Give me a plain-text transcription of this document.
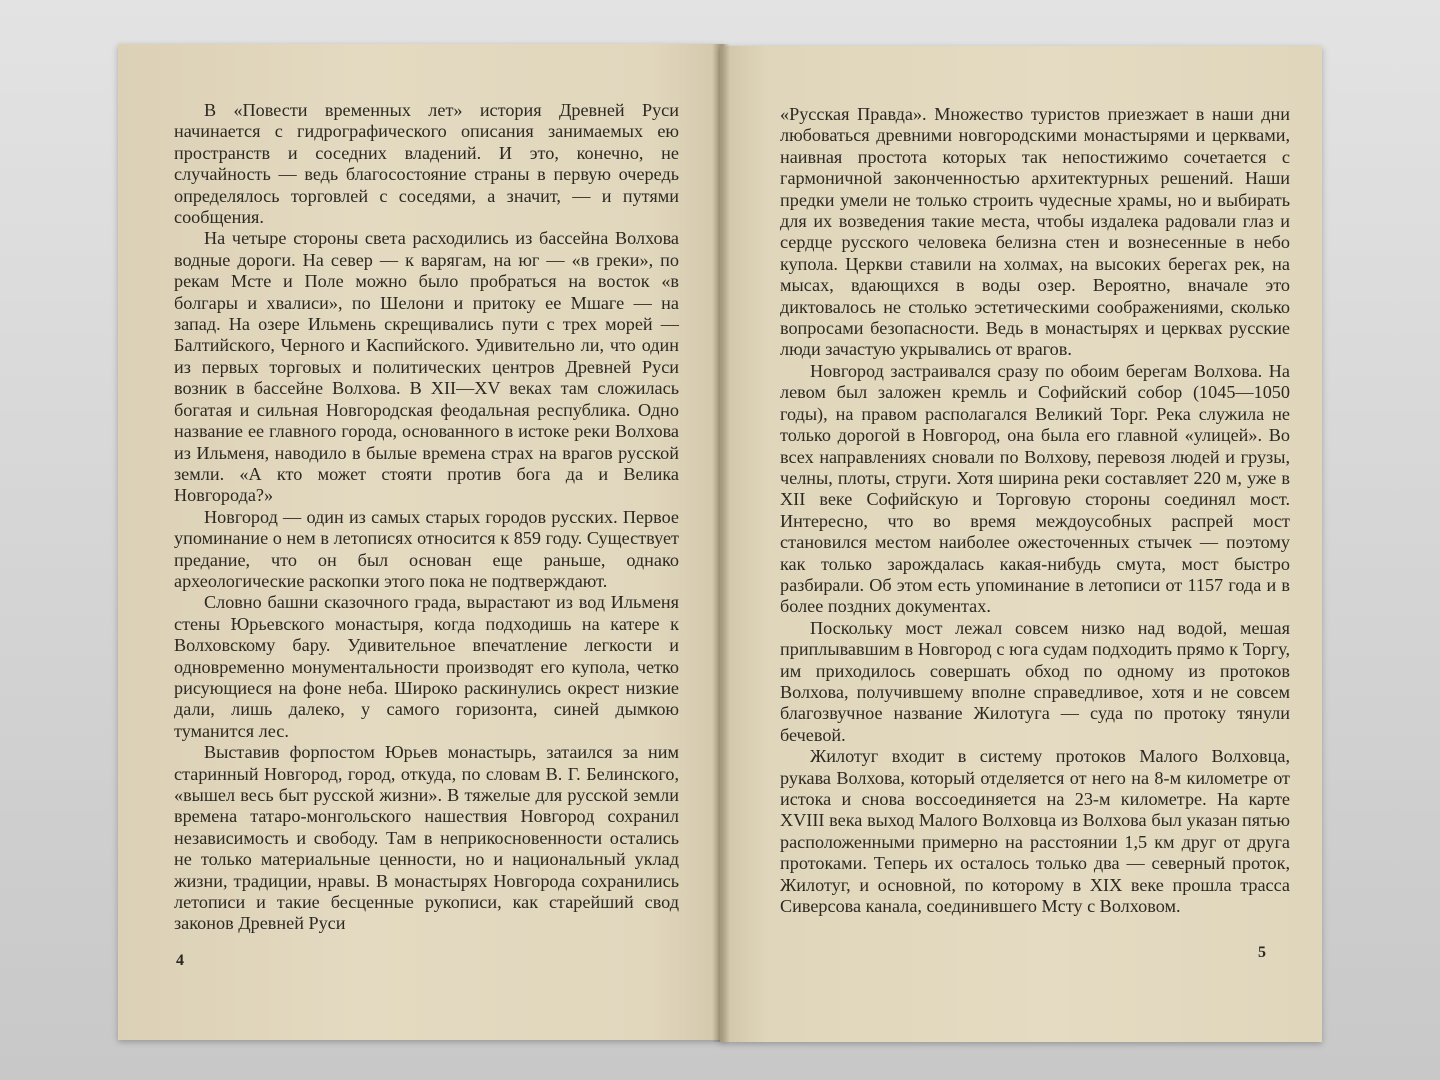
В «Повести временных лет» история Древней Руси начинается с гидрографического описания занимаемых ею пространств и соседних владений. И это, конечно, не случайность — ведь благосостояние страны в первую очередь определялось торговлей с соседями, а значит, — и путями сообщения.

На четыре стороны света расходились из бассейна Волхова водные дороги. На север — к варягам, на юг — «в греки», по рекам Мсте и Поле можно было пробраться на восток «в болгары и хвалиси», по Шелони и притоку ее Мшаге — на запад. На озере Ильмень скрещивались пути с трех морей — Балтийского, Черного и Каспийского. Удивительно ли, что один из первых торговых и политических центров Древней Руси возник в бассейне Волхова. В XII—XV веках там сложилась богатая и сильная Новгородская феодальная республика. Одно название ее главного города, основанного в истоке реки Волхова из Ильменя, наводило в былые времена страх на врагов русской земли. «А кто может стояти против бога да и Велика Новгорода?»

Новгород — один из самых старых городов русских. Первое упоминание о нем в летописях относится к 859 году. Существует предание, что он был основан еще раньше, однако археологические раскопки этого пока не подтверждают.

Словно башни сказочного града, вырастают из вод Ильменя стены Юрьевского монастыря, когда подходишь на катере к Волховскому бару. Удивительное впечатление легкости и одновременно монументальности производят его купола, четко рисующиеся на фоне неба. Широко раскинулись окрест низкие дали, лишь далеко, у самого горизонта, синей дымкою туманится лес.

Выставив форпостом Юрьев монастырь, затаился за ним старинный Новгород, город, откуда, по словам В. Г. Белинского, «вышел весь быт русской жизни». В тяжелые для русской земли времена татаро-монгольского нашествия Новгород сохранил независимость и свободу. Там в неприкосновенности остались не только материальные ценности, но и национальный уклад жизни, традиции, нравы. В монастырях Новгорода сохранились летописи и такие бесценные рукописи, как старейший свод законов Древней Руси

4

«Русская Правда». Множество туристов приезжает в наши дни любоваться древними новгородскими монастырями и церквами, наивная простота которых так непостижимо сочетается с гармоничной законченностью архитектурных решений. Наши предки умели не только строить чудесные храмы, но и выбирать для их возведения такие места, чтобы издалека радовали глаз и сердце русского человека белизна стен и вознесенные в небо купола. Церкви ставили на холмах, на высоких берегах рек, на мысах, вдающихся в воды озер. Вероятно, вначале это диктовалось не столько эстетическими соображениями, сколько вопросами безопасности. Ведь в монастырях и церквах русские люди зачастую укрывались от врагов.

Новгород застраивался сразу по обоим берегам Волхова. На левом был заложен кремль и Софийский собор (1045—1050 годы), на правом располагался Великий Торг. Река служила не только дорогой в Новгород, она была его главной «улицей». Во всех направлениях сновали по Волхову, перевозя людей и грузы, челны, плоты, струги. Хотя ширина реки составляет 220 м, уже в XII веке Софийскую и Торговую стороны соединял мост. Интересно, что во время междоусобных распрей мост становился местом наиболее ожесточенных стычек — поэтому как только зарождалась какая-нибудь смута, мост быстро разбирали. Об этом есть упоминание в летописи от 1157 года и в более поздних документах.

Поскольку мост лежал совсем низко над водой, мешая приплывавшим в Новгород с юга судам подходить прямо к Торгу, им приходилось совершать обход по одному из протоков Волхова, получившему вполне справедливое, хотя и не совсем благозвучное название Жилотуга — суда по протоку тянули бечевой.

Жилотуг входит в систему протоков Малого Волховца, рукава Волхова, который отделяется от него на 8-м километре от истока и снова воссоединяется на 23-м километре. На карте XVIII века выход Малого Волховца из Волхова был указан пятью расположенными примерно на расстоянии 1,5 км друг от друга протоками. Теперь их осталось только два — северный проток, Жилотуг, и основной, по которому в XIX веке прошла трасса Сиверсова канала, соединившего Мсту с Волховом.

5
